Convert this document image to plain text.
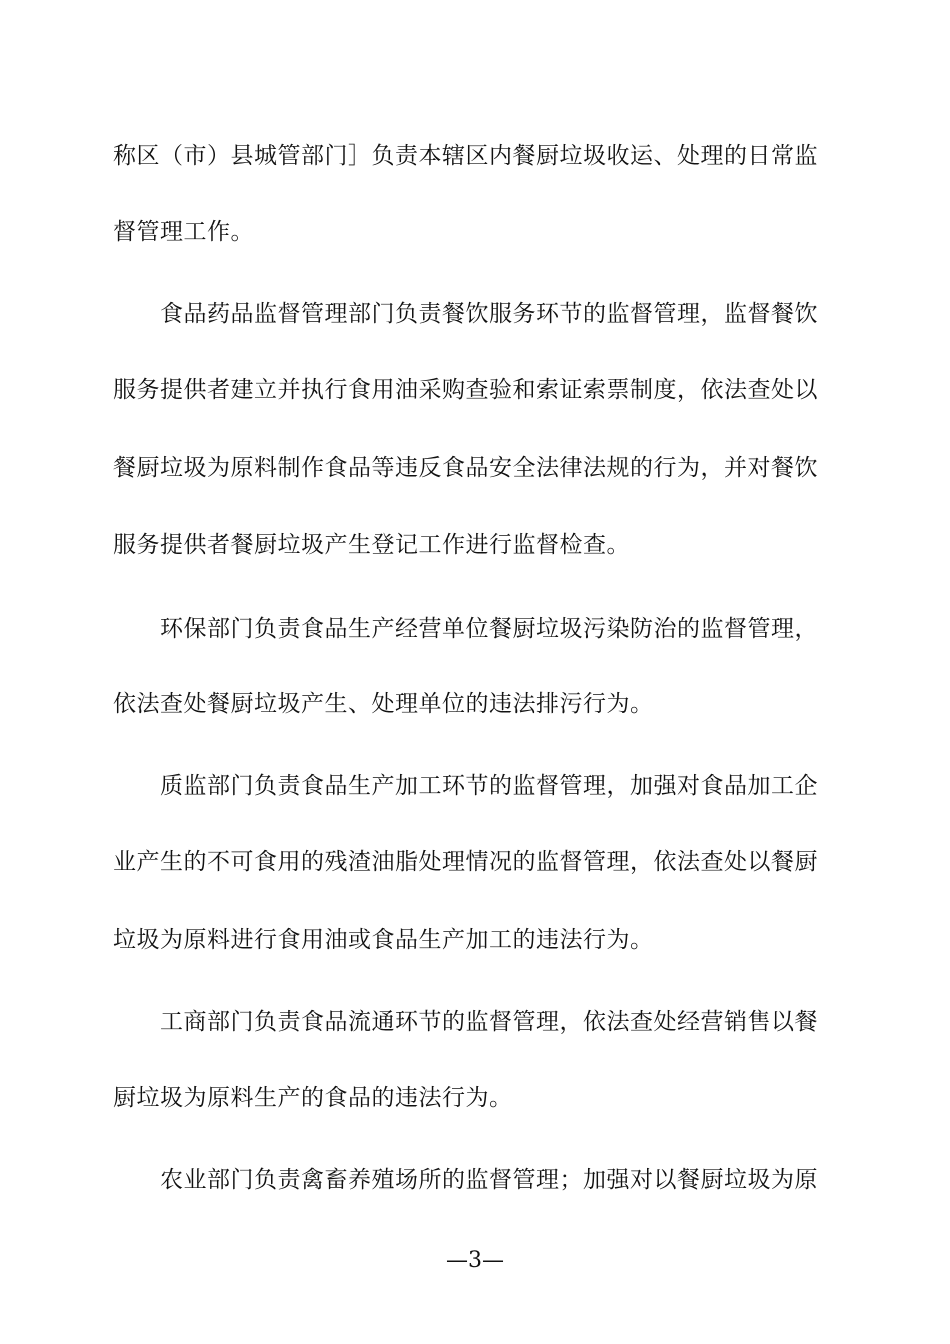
称区（市）县城管部门］负责本辖区内餐厨垃圾收运、处理的日常监
督管理工作。
食品药品监督管理部门负责餐饮服务环节的监督管理，监督餐饮
服务提供者建立并执行食用油采购查验和索证索票制度，依法查处以
餐厨垃圾为原料制作食品等违反食品安全法律法规的行为，并对餐饮
服务提供者餐厨垃圾产生登记工作进行监督检查。
环保部门负责食品生产经营单位餐厨垃圾污染防治的监督管理，
依法查处餐厨垃圾产生、处理单位的违法排污行为。
质监部门负责食品生产加工环节的监督管理，加强对食品加工企
业产生的不可食用的残渣油脂处理情况的监督管理，依法查处以餐厨
垃圾为原料进行食用油或食品生产加工的违法行为。
工商部门负责食品流通环节的监督管理，依法查处经营销售以餐
厨垃圾为原料生产的食品的违法行为。
农业部门负责禽畜养殖场所的监督管理；加强对以餐厨垃圾为原
—3—
